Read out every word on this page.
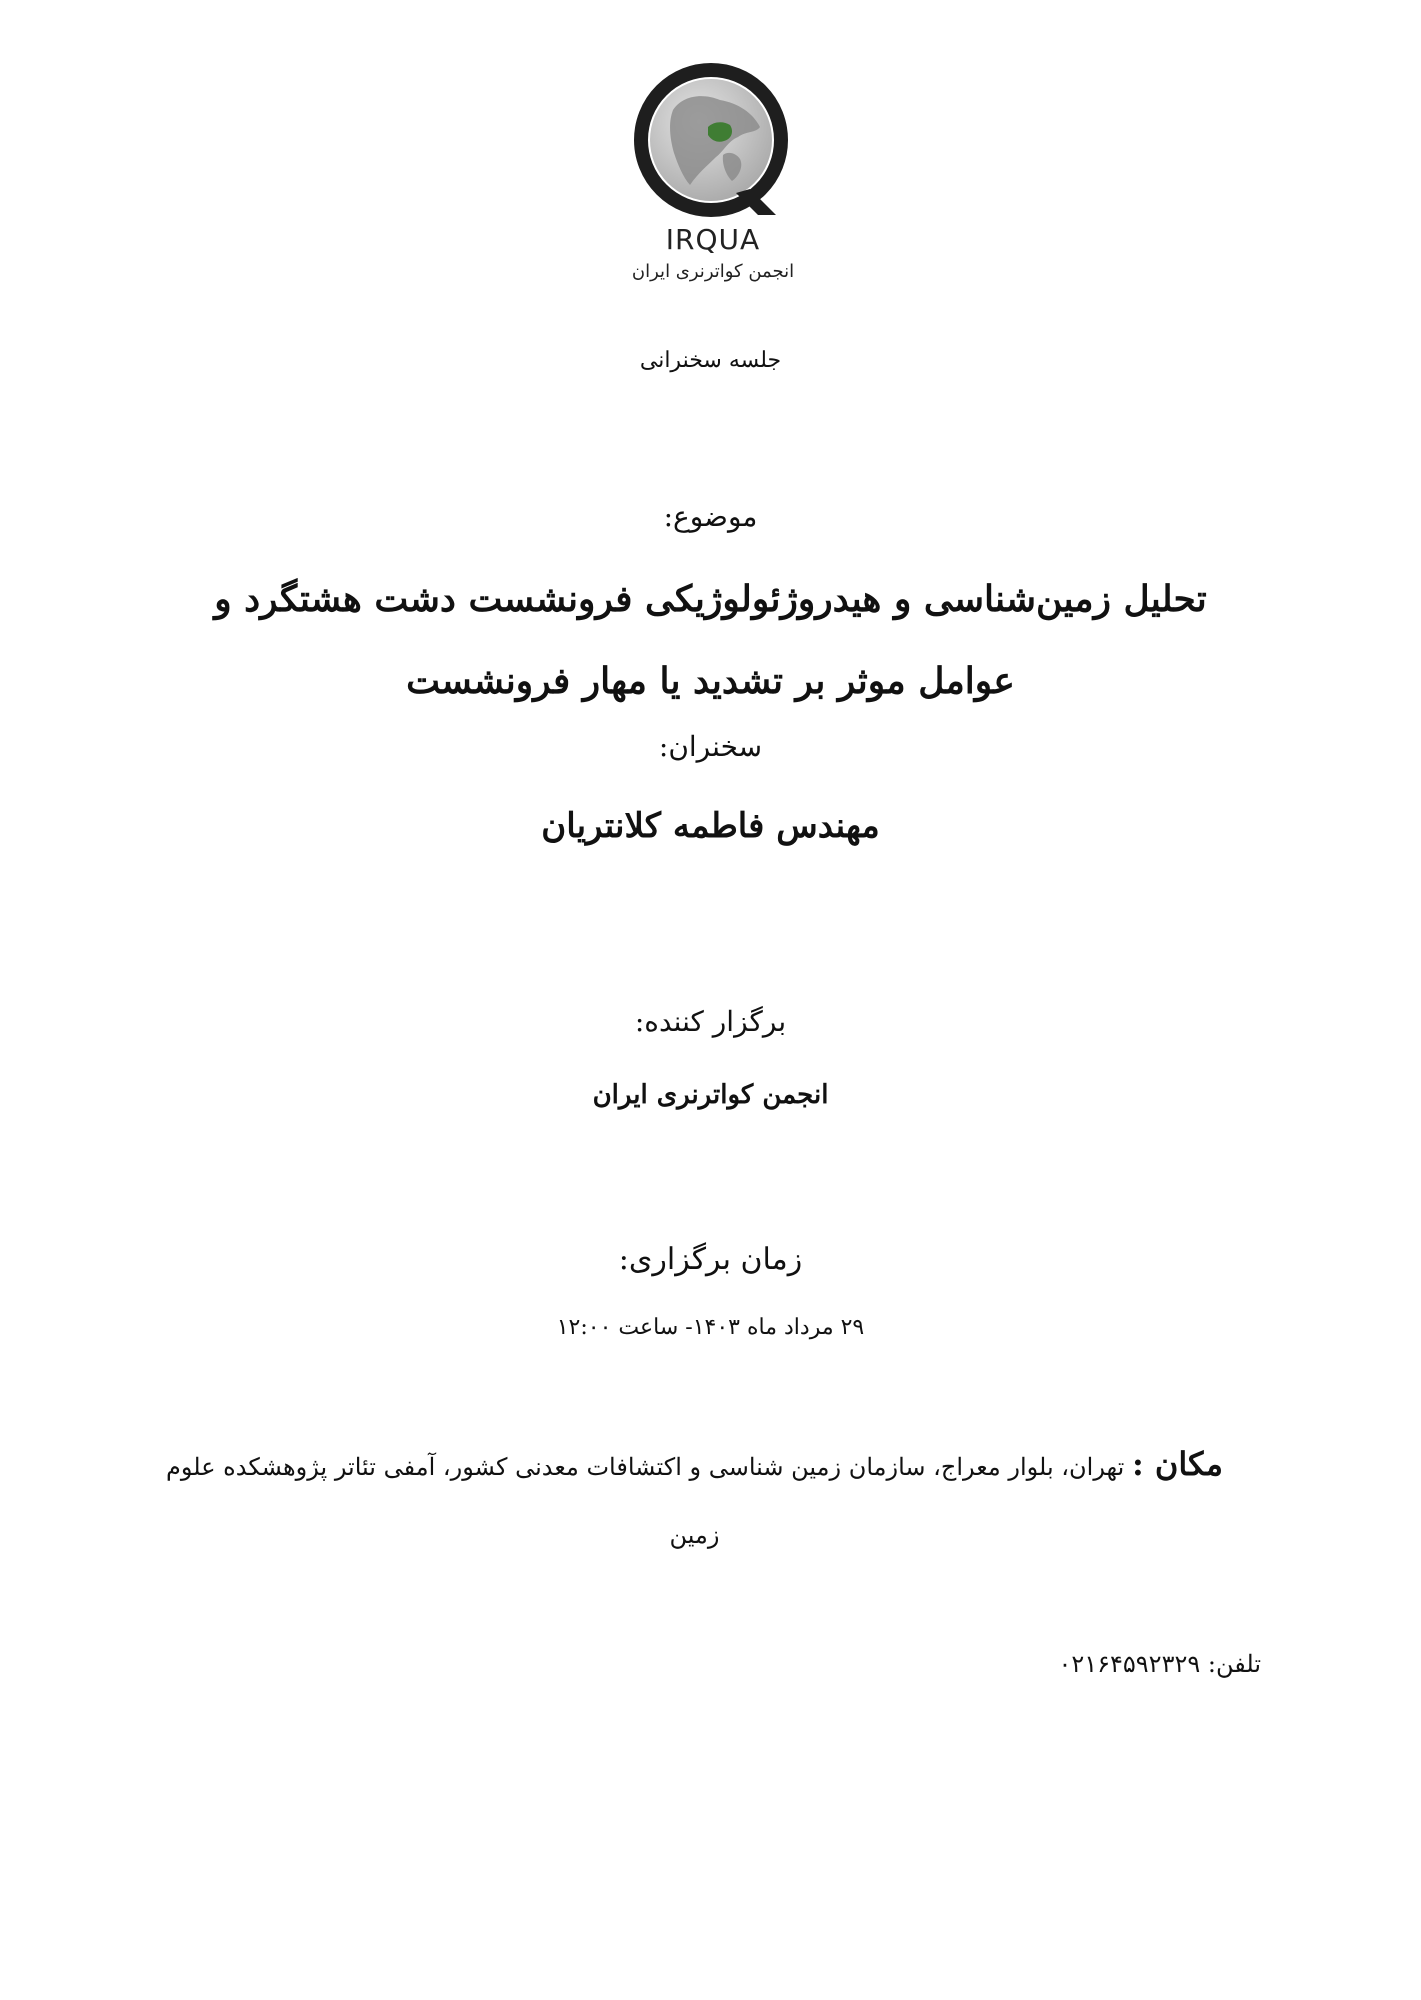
IRQUA
انجمن کواترنری ایران
جلسه سخنرانی
موضوع:
تحلیل زمین‌شناسی و هیدروژئولوژیکی فرونشست دشت هشتگرد و
عوامل موثر بر تشدید یا مهار فرونشست
سخنران:
مهندس فاطمه کلانتریان
برگزار کننده:
انجمن کواترنری ایران
زمان برگزاری:
۲۹ مرداد ماه ۱۴۰۳- ساعت ۱۲:۰۰
مکان : تهران، بلوار معراج، سازمان زمین شناسی و اکتشافات معدنی کشور، آمفی تئاتر پژوهشکده علوم زمین
تلفن: ۰۲۱۶۴۵۹۲۳۲۹
